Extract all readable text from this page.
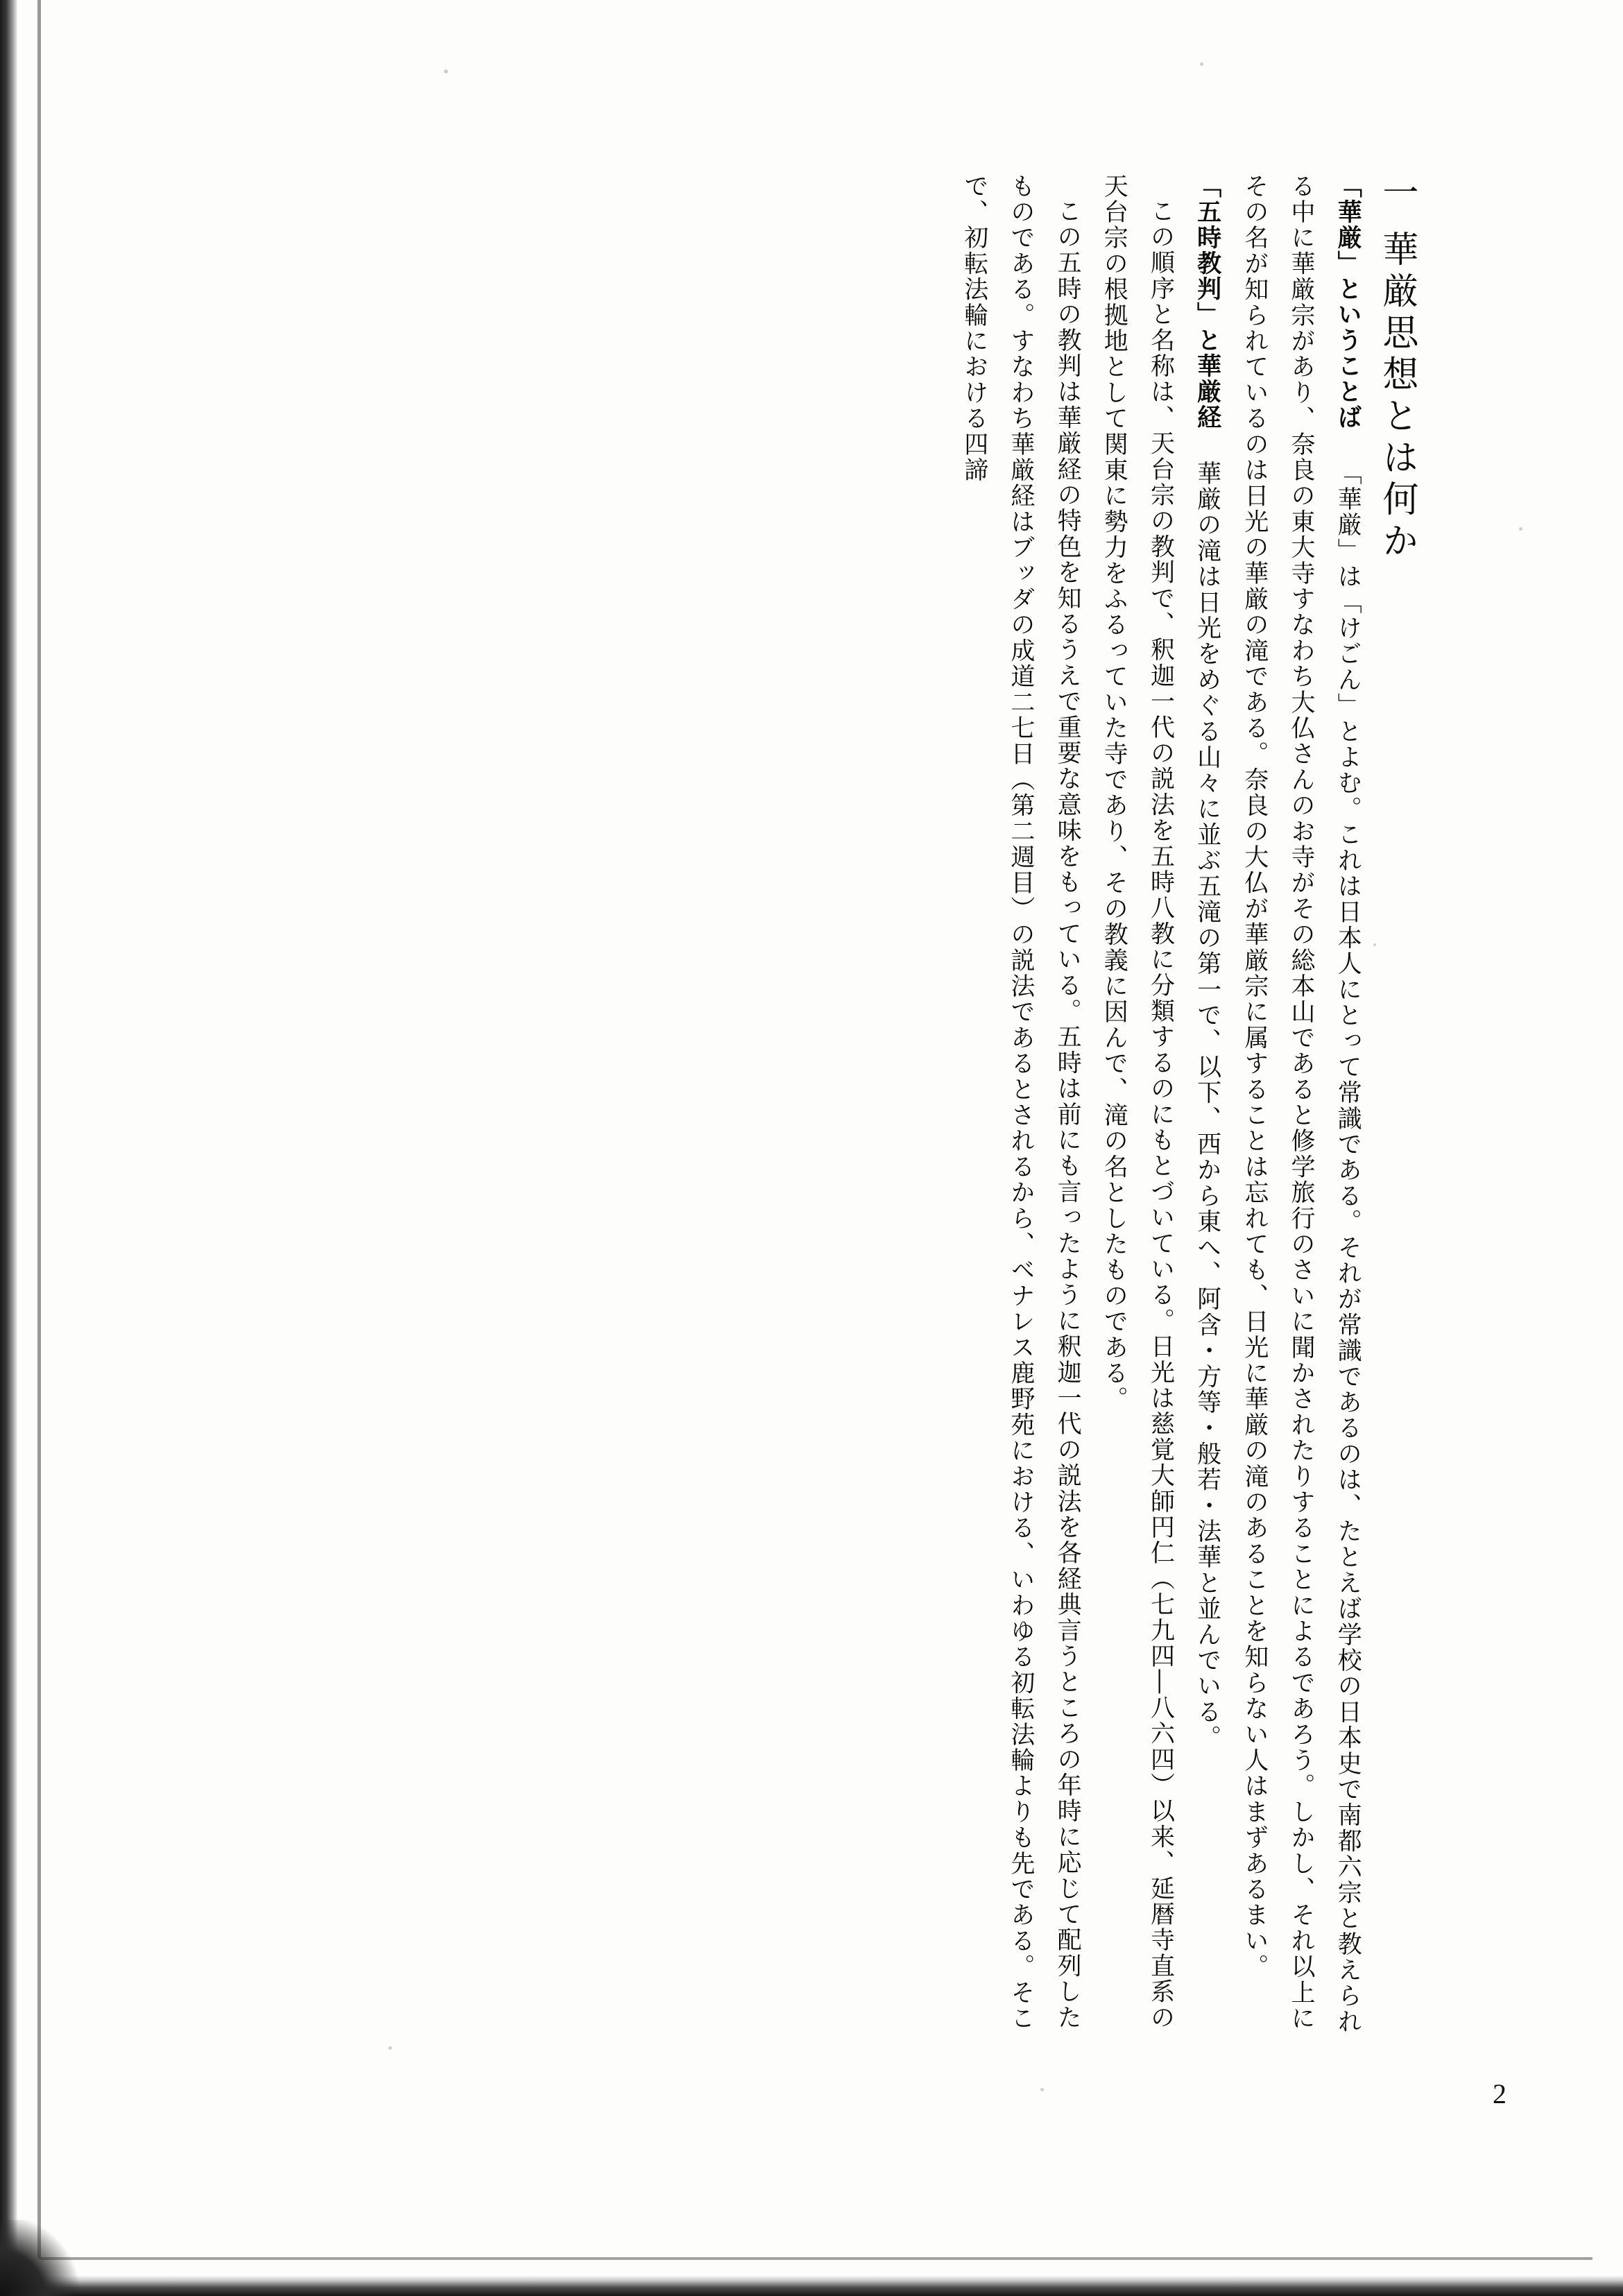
一華厳思想とは何か

「華厳」ということば「華厳」は「けごん」とよむ。これは日本人にとって常識である。それが常識であるのは、たとえば学校の日本史で南都六宗と教えられる中に華厳宗があり、奈良の東大寺すなわち大仏さんのお寺がその総本山であると修学旅行のさいに聞かされたりすることによるであろう。しかし、それ以上にその名が知られているのは日光の華厳の滝である。奈良の大仏が華厳宗に属することは忘れても、日光に華厳の滝のあることを知らない人はまずあるまい。

「五時教判」と華厳経華厳の滝は日光をめぐる山々に並ぶ五滝の第一で、以下、西から東へ、阿含・方等・般若・法華と並んでいる。

この順序と名称は、天台宗の教判で、釈迦一代の説法を五時八教に分類するのにもとづいている。日光は慈覚大師円仁（七九四―八六四）以来、延暦寺直系の天台宗の根拠地として関東に勢力をふるっていた寺であり、その教義に因んで、滝の名としたものである。

この五時の教判は華厳経の特色を知るうえで重要な意味をもっている。五時は前にも言ったように釈迦一代の説法を各経典言うところの年時に応じて配列したものである。すなわち華厳経はブッダの成道二七日（第二週目）の説法であるとされるから、ベナレス鹿野苑における、いわゆる初転法輪よりも先である。そこで、初転法輪における四諦

2
